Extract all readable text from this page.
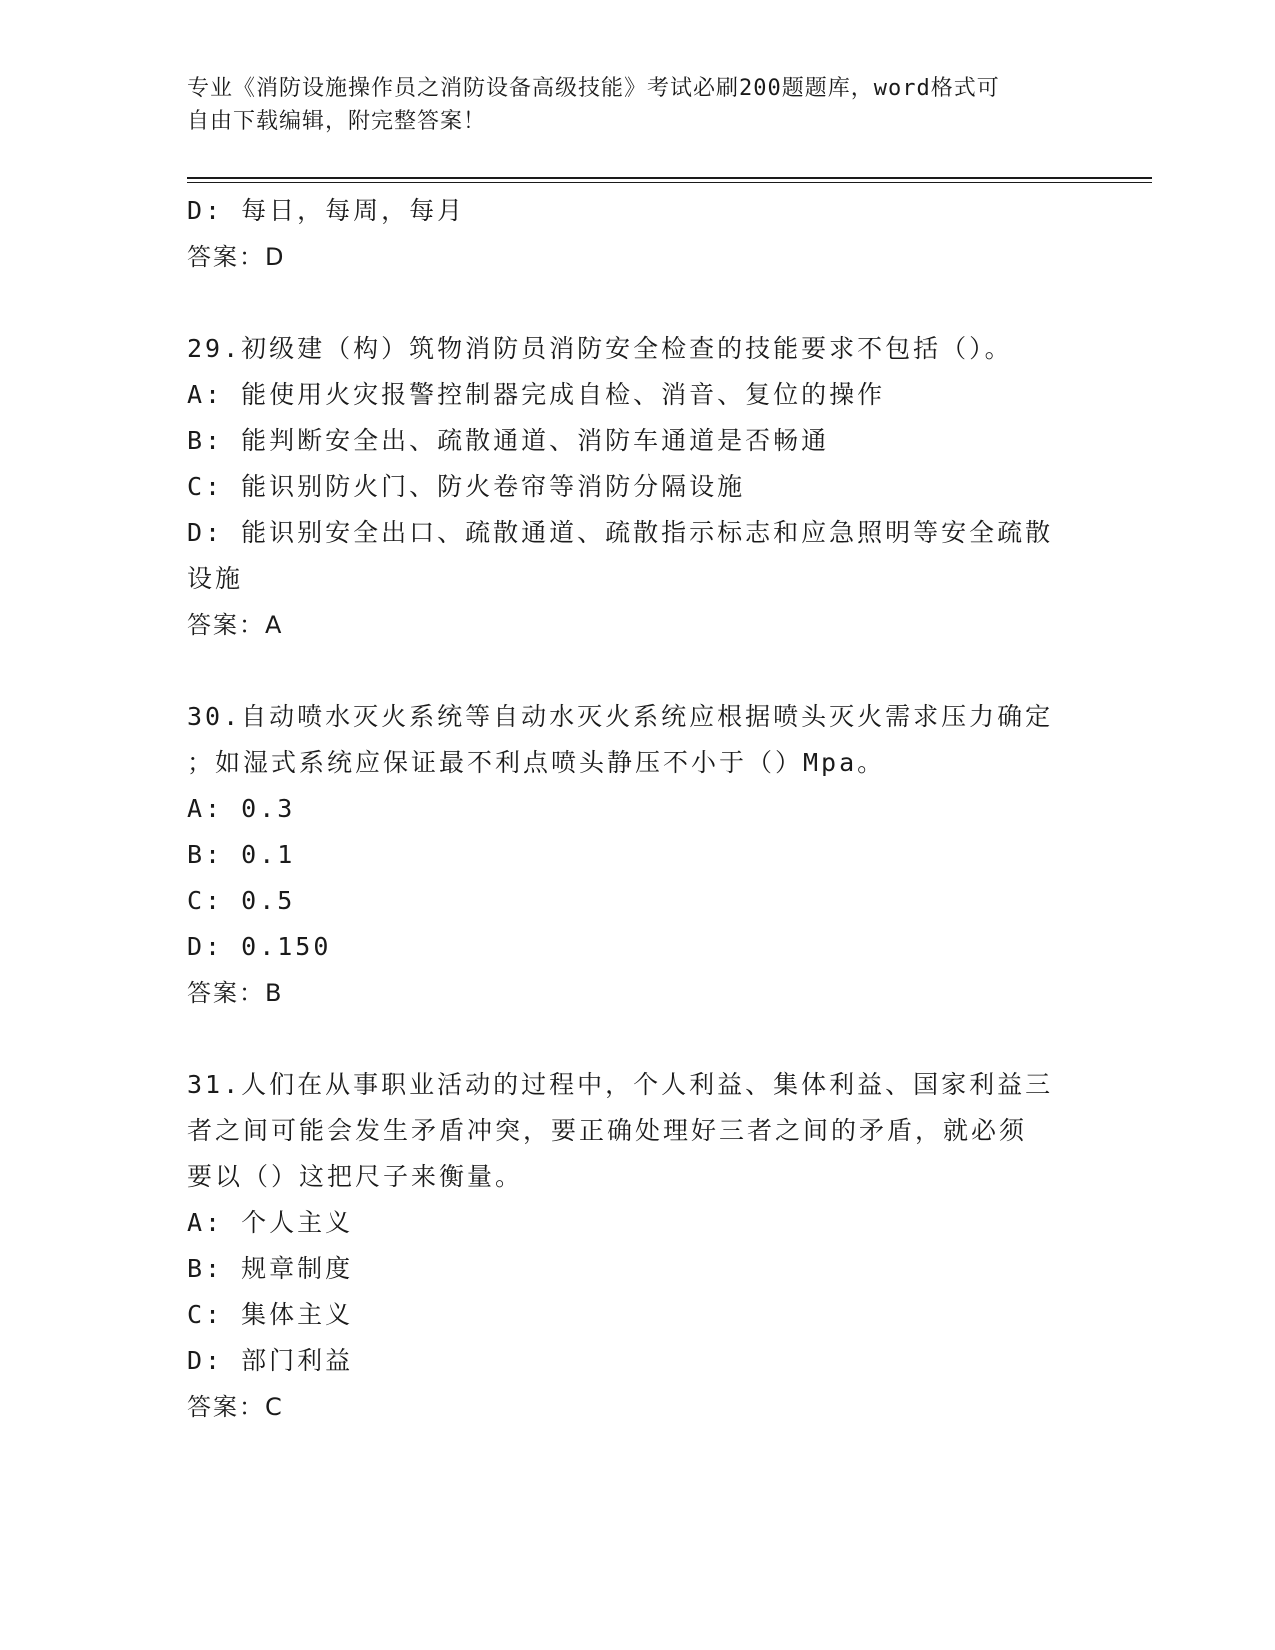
专业《消防设施操作员之消防设备高级技能》考试必刷200题题库，word格式可
自由下载编辑，附完整答案！
D: 每日，每周，每月
答案：D
29.初级建（构）筑物消防员消防安全检查的技能要求不包括（）。
A: 能使用火灾报警控制器完成自检、消音、复位的操作
B: 能判断安全出、疏散通道、消防车通道是否畅通
C: 能识别防火门、防火卷帘等消防分隔设施
D: 能识别安全出口、疏散通道、疏散指示标志和应急照明等安全疏散
设施
答案：A
30.自动喷水灭火系统等自动水灭火系统应根据喷头灭火需求压力确定
；如湿式系统应保证最不利点喷头静压不小于（）Mpa。
A: 0.3
B: 0.1
C: 0.5
D: 0.150
答案：B
31.人们在从事职业活动的过程中，个人利益、集体利益、国家利益三
者之间可能会发生矛盾冲突，要正确处理好三者之间的矛盾，就必须
要以（）这把尺子来衡量。
A: 个人主义
B: 规章制度
C: 集体主义
D: 部门利益
答案：C
